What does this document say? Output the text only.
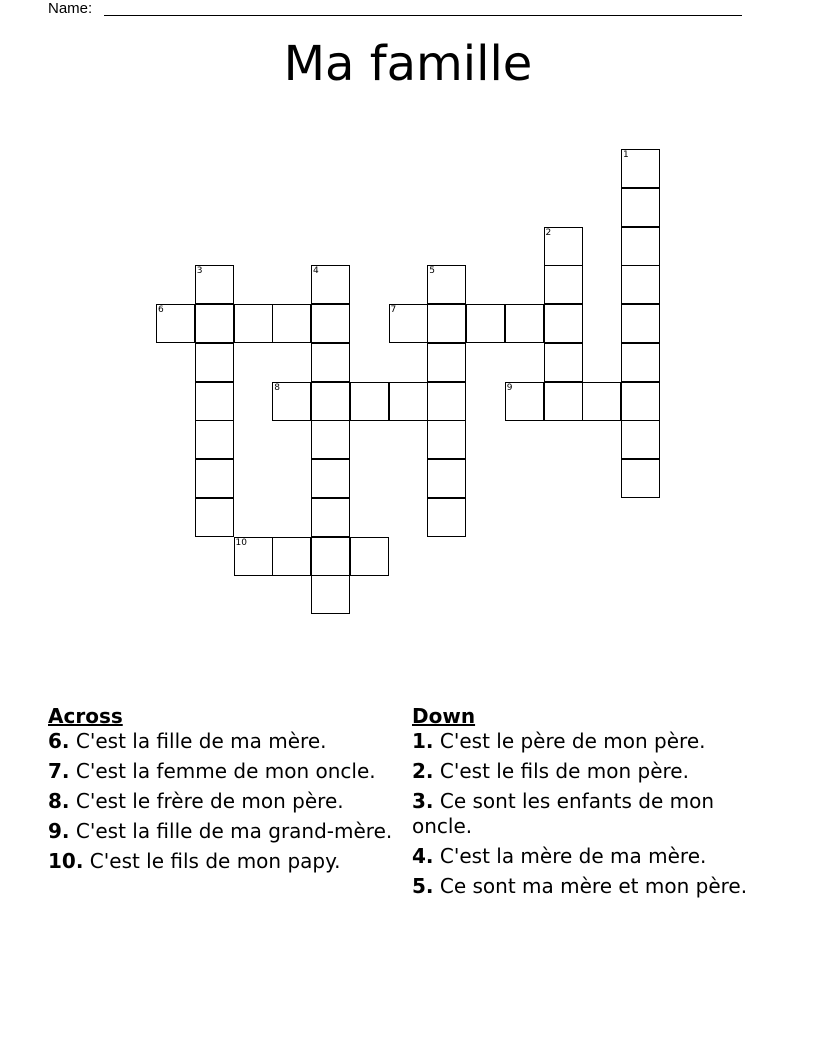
Name:
Ma famille
1
2
3	4	5
6	7
8	9
10
Across
6. C'est la fille de ma mère.
7. C'est la femme de mon oncle.
8. C'est le frère de mon père.
9. C'est la fille de ma grand-mère.
10. C'est le fils de mon papy.
Down
1. C'est le père de mon père.
2. C'est le fils de mon père.
3. Ce sont les enfants de mon oncle.
4. C'est la mère de ma mère.
5. Ce sont ma mère et mon père.
